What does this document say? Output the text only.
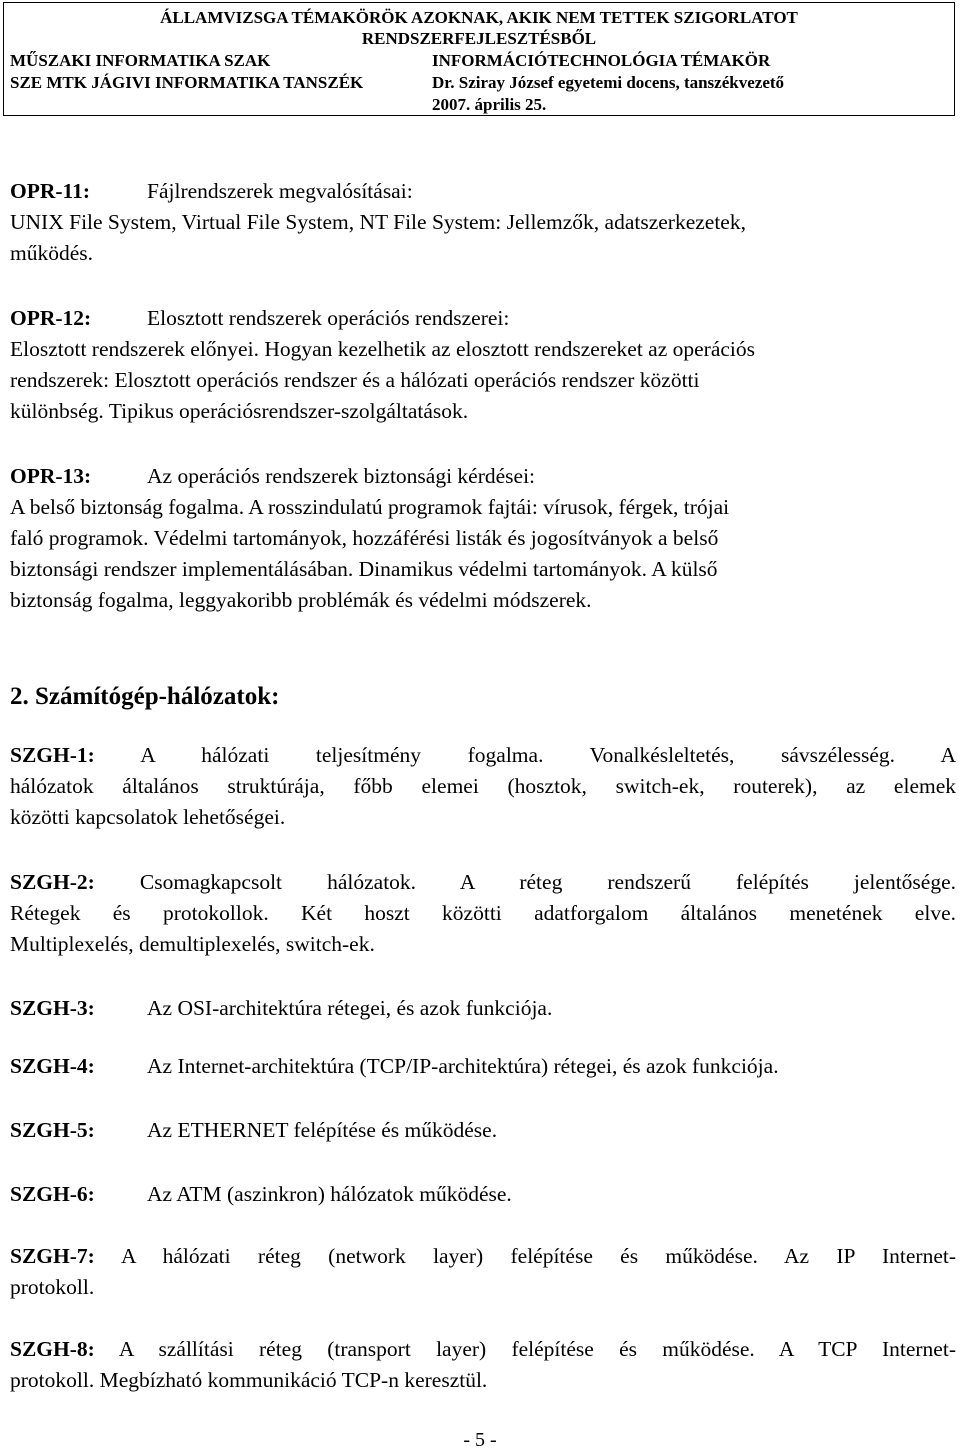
ÁLLAMVIZSGA TÉMAKÖRÖK AZOKNAK, AKIK NEM TETTEK SZIGORLATOT
RENDSZERFEJLESZTÉSBŐL
MŰSZAKI INFORMATIKA SZAK
SZE MTK JÁGIVI INFORMATIKA TANSZÉK
INFORMÁCIÓTECHNOLÓGIA TÉMAKÖR
Dr. Sziray József egyetemi docens, tanszékvezető
2007. április 25.
OPR-11:	Fájlrendszerek megvalósításai:
UNIX File System, Virtual File System, NT File System: Jellemzők, adatszerkezetek,
működés.
OPR-12:	Elosztott rendszerek operációs rendszerei:
Elosztott rendszerek előnyei. Hogyan kezelhetik az elosztott rendszereket az operációs
rendszerek: Elosztott operációs rendszer és a hálózati operációs rendszer közötti
különbség. Tipikus operációsrendszer-szolgáltatások.
OPR-13:	Az operációs rendszerek biztonsági kérdései:
A belső biztonság fogalma. A rosszindulatú programok fajtái: vírusok, férgek, trójai
faló programok. Védelmi tartományok, hozzáférési listák és jogosítványok a belső
biztonsági rendszer implementálásában. Dinamikus védelmi tartományok. A külső
biztonság fogalma, leggyakoribb problémák és védelmi módszerek.
2. Számítógép-hálózatok:
SZGH-1: A hálózati teljesítmény fogalma. Vonalkésleltetés, sávszélesség. A
hálózatok általános struktúrája, főbb elemei (hosztok, switch-ek, routerek), az elemek
közötti kapcsolatok lehetőségei.
SZGH-2: Csomagkapcsolt hálózatok. A réteg rendszerű felépítés jelentősége.
Rétegek és protokollok. Két hoszt közötti adatforgalom általános menetének elve.
Multiplexelés, demultiplexelés, switch-ek.
SZGH-3: Az OSI-architektúra rétegei, és azok funkciója.
SZGH-4: Az Internet-architektúra (TCP/IP-architektúra) rétegei, és azok funkciója.
SZGH-5: Az ETHERNET felépítése és működése.
SZGH-6: Az ATM (aszinkron) hálózatok működése.
SZGH-7: A hálózati réteg (network layer) felépítése és működése. Az IP Internet-
protokoll.
SZGH-8: A szállítási réteg (transport layer) felépítése és működése. A TCP Internet-
protokoll. Megbízható kommunikáció TCP-n keresztül.
- 5 -
